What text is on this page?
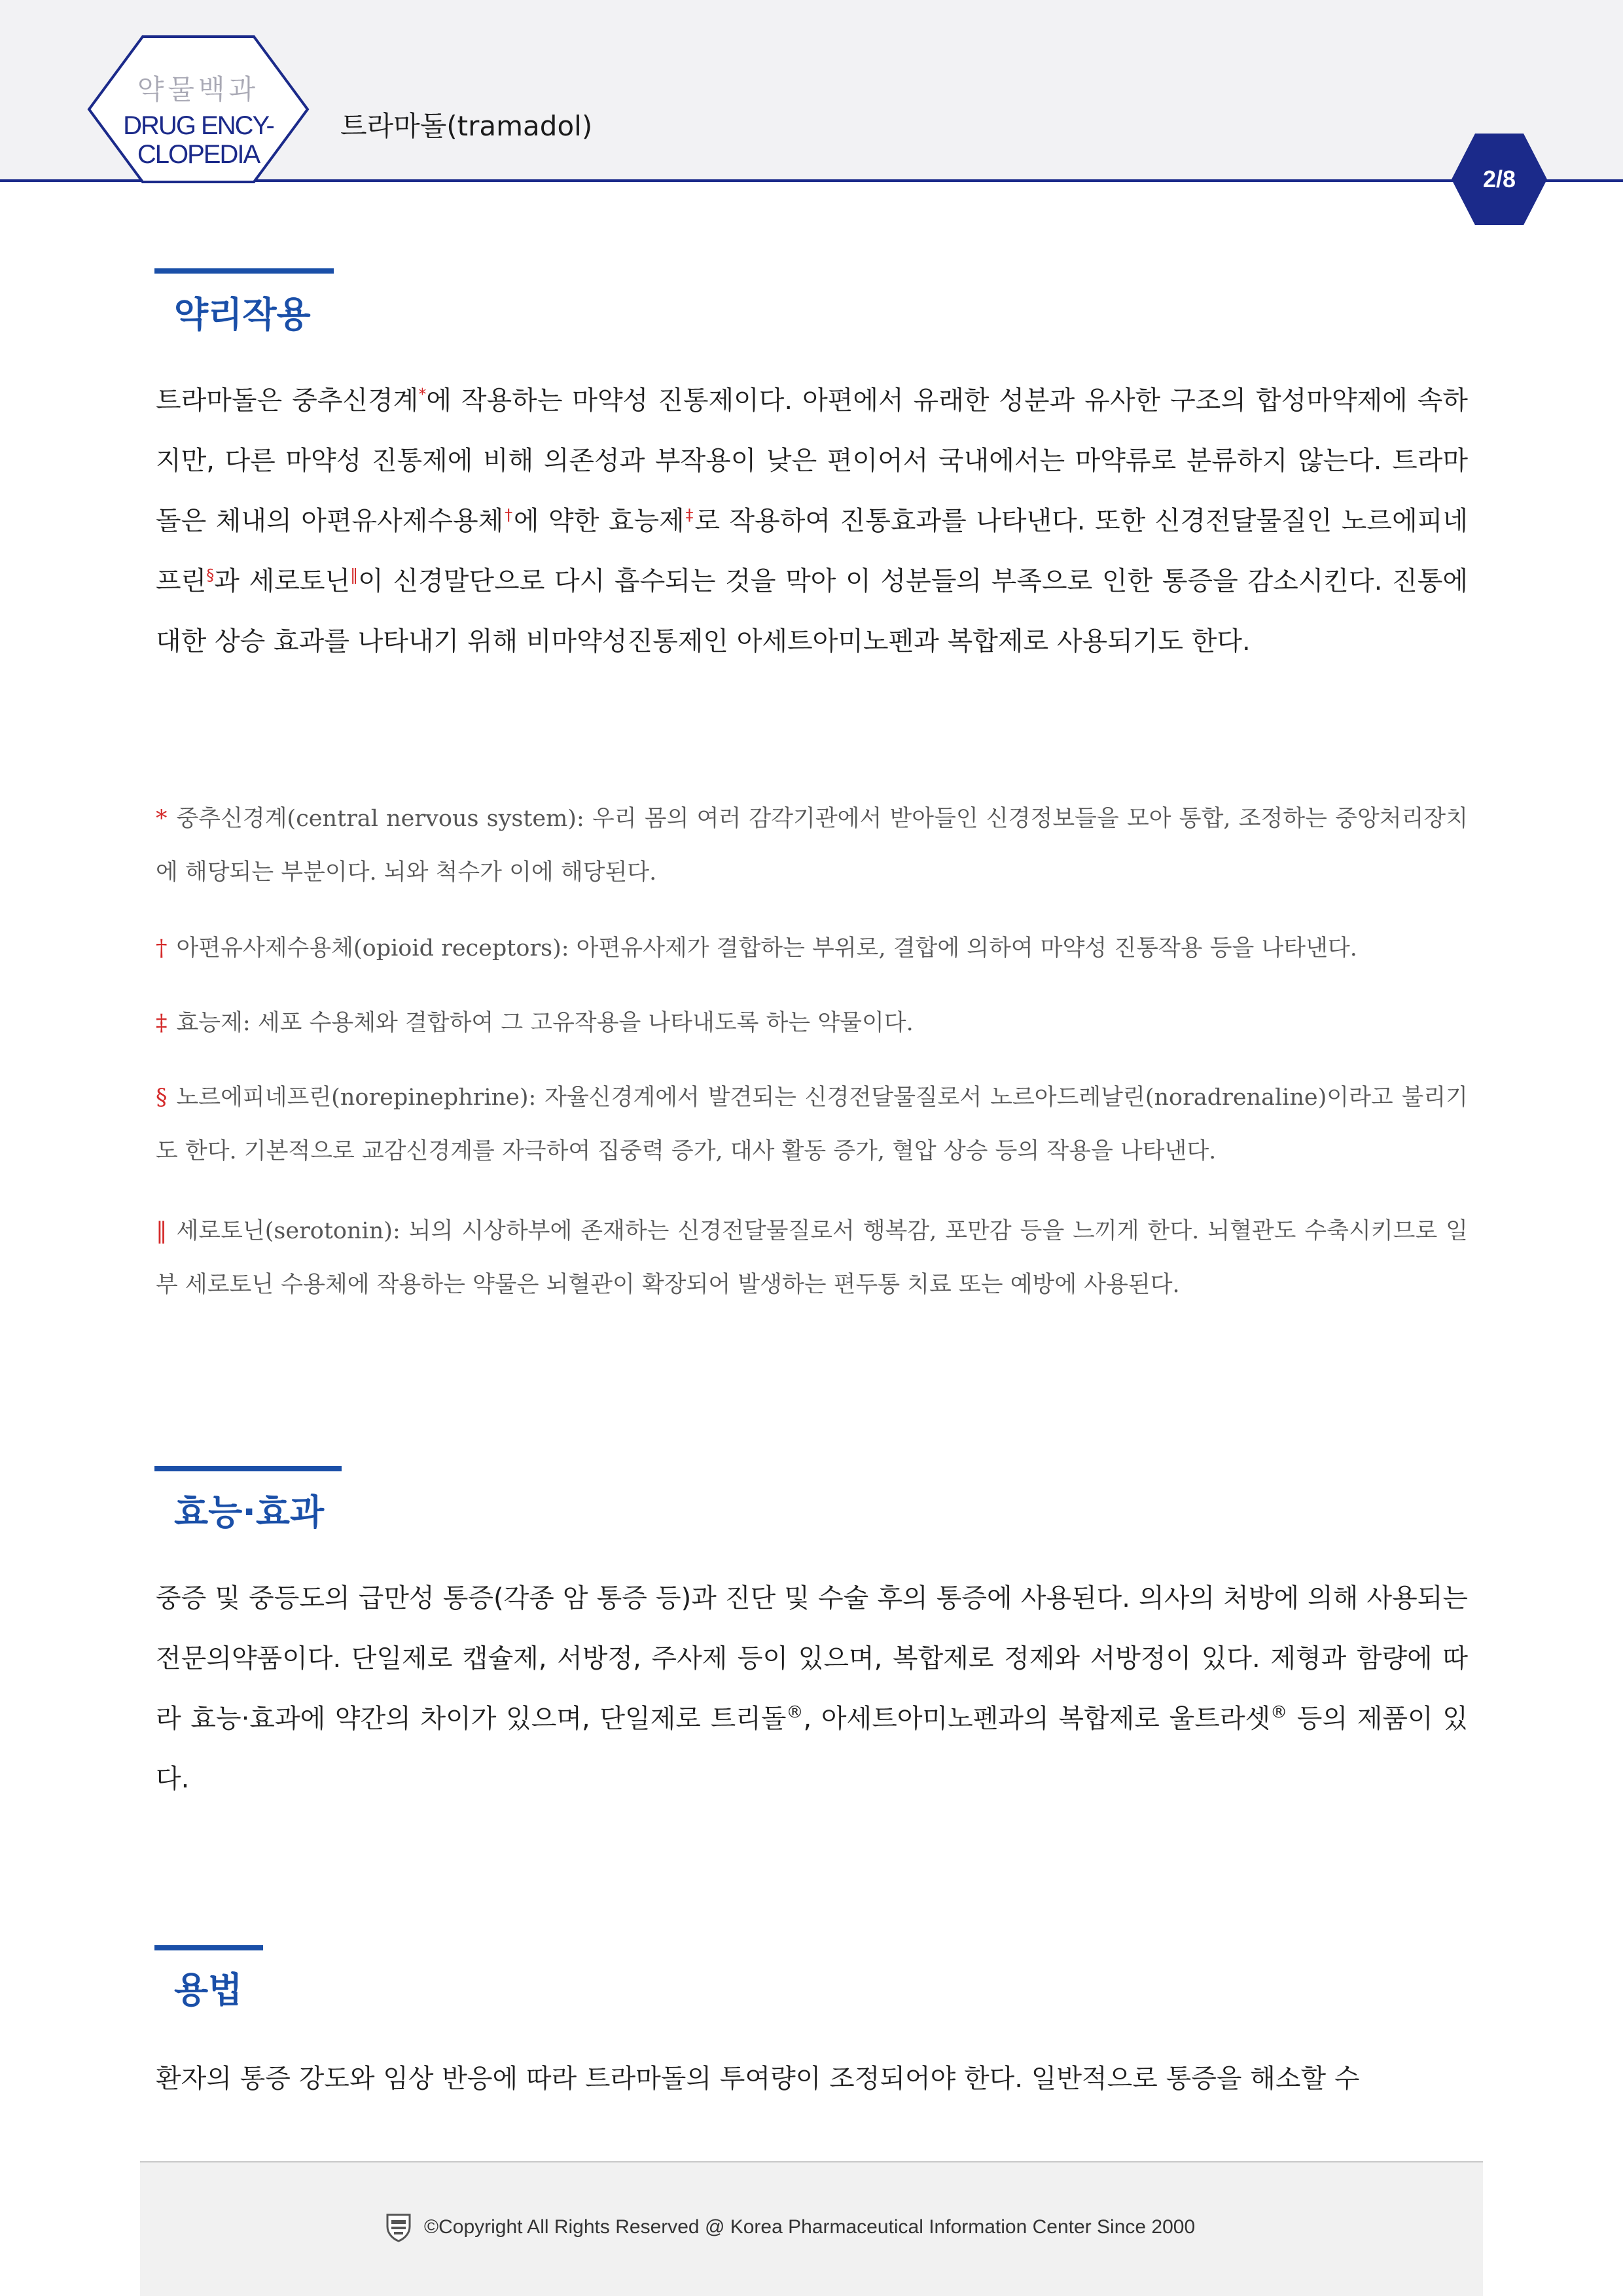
약물백과
DRUG ENCY-
CLOPEDIA
트라마돌(tramadol)
2/8
약리작용

트라마돌은 중추신경계*에 작용하는 마약성 진통제이다. 아편에서 유래한 성분과 유사한 구조의 합성마약제에 속하지만, 다른 마약성 진통제에 비해 의존성과 부작용이 낮은 편이어서 국내에서는 마약류로 분류하지 않는다. 트라마돌은 체내의 아편유사제수용체†에 약한 효능제‡로 작용하여 진통효과를 나타낸다. 또한 신경전달물질인 노르에피네프린§과 세로토닌‖이 신경말단으로 다시 흡수되는 것을 막아 이 성분들의 부족으로 인한 통증을 감소시킨다. 진통에 대한 상승 효과를 나타내기 위해 비마약성진통제인 아세트아미노펜과 복합제로 사용되기도 한다.

* 중추신경계(central nervous system): 우리 몸의 여러 감각기관에서 받아들인 신경정보들을 모아 통합, 조정하는 중앙처리장치에 해당되는 부분이다. 뇌와 척수가 이에 해당된다.

† 아편유사제수용체(opioid receptors): 아편유사제가 결합하는 부위로, 결합에 의하여 마약성 진통작용 등을 나타낸다.

‡ 효능제: 세포 수용체와 결합하여 그 고유작용을 나타내도록 하는 약물이다.

§ 노르에피네프린(norepinephrine): 자율신경계에서 발견되는 신경전달물질로서 노르아드레날린(noradrenaline)이라고 불리기도 한다. 기본적으로 교감신경계를 자극하여 집중력 증가, 대사 활동 증가, 혈압 상승 등의 작용을 나타낸다.

‖ 세로토닌(serotonin): 뇌의 시상하부에 존재하는 신경전달물질로서 행복감, 포만감 등을 느끼게 한다. 뇌혈관도 수축시키므로 일부 세로토닌 수용체에 작용하는 약물은 뇌혈관이 확장되어 발생하는 편두통 치료 또는 예방에 사용된다.

효능·효과

중증 및 중등도의 급만성 통증(각종 암 통증 등)과 진단 및 수술 후의 통증에 사용된다. 의사의 처방에 의해 사용되는 전문의약품이다. 단일제로 캡슐제, 서방정, 주사제 등이 있으며, 복합제로 정제와 서방정이 있다. 제형과 함량에 따라 효능·효과에 약간의 차이가 있으며, 단일제로 트리돌®, 아세트아미노펜과의 복합제로 울트라셋® 등의 제품이 있다.

용법

환자의 통증 강도와 임상 반응에 따라 트라마돌의 투여량이 조정되어야 한다. 일반적으로 통증을 해소할 수

©Copyright All Rights Reserved @ Korea Pharmaceutical Information Center Since 2000
